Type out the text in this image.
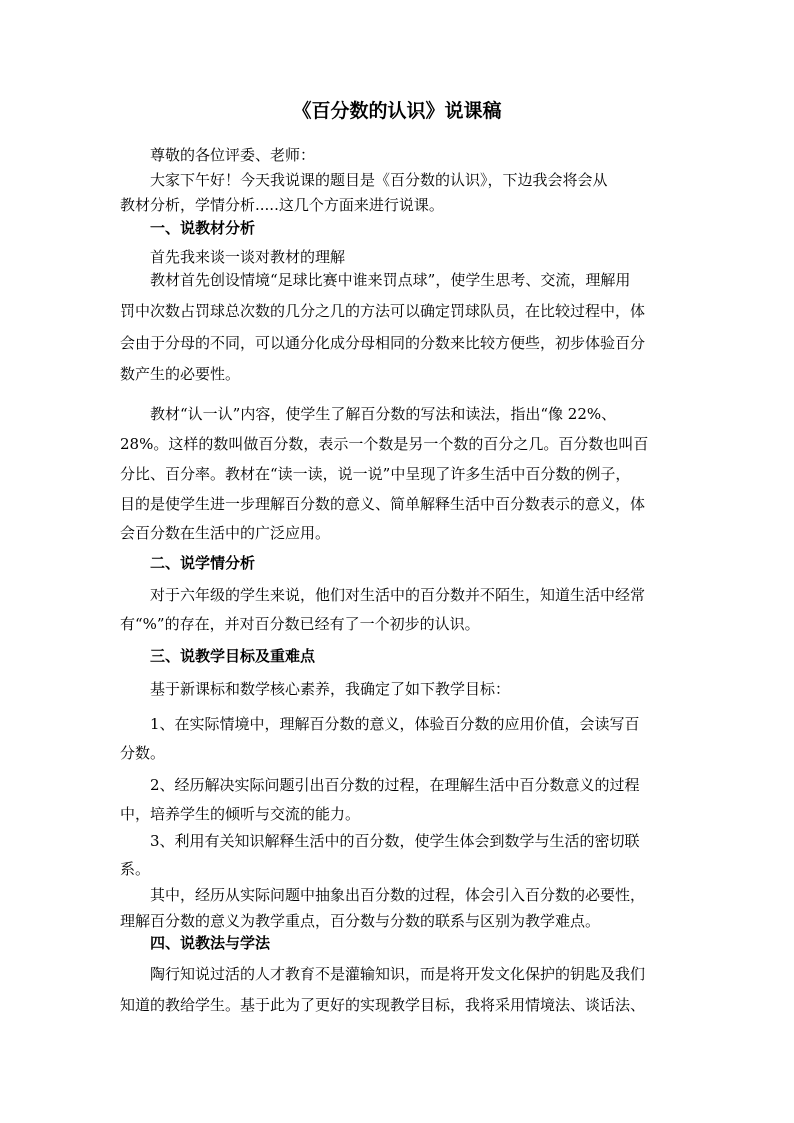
《百分数的认识》说课稿
尊敬的各位评委、老师：
大家下午好！今天我说课的题目是《百分数的认识》，下边我会将会从
教材分析，学情分析.....这几个方面来进行说课。
一、说教材分析
首先我来谈一谈对教材的理解
教材首先创设情境“足球比赛中谁来罚点球”，使学生思考、交流，理解用
罚中次数占罚球总次数的几分之几的方法可以确定罚球队员，在比较过程中，体
会由于分母的不同，可以通分化成分母相同的分数来比较方便些，初步体验百分
数产生的必要性。
教材“认一认”内容，使学生了解百分数的写法和读法，指出“像 22%、
28%。这样的数叫做百分数，表示一个数是另一个数的百分之几。百分数也叫百
分比、百分率。教材在“读一读，说一说”中呈现了许多生活中百分数的例子，
目的是使学生进一步理解百分数的意义、简单解释生活中百分数表示的意义，体
会百分数在生活中的广泛应用。
二、说学情分析
对于六年级的学生来说，他们对生活中的百分数并不陌生，知道生活中经常
有“%”的存在，并对百分数已经有了一个初步的认识。
三、说教学目标及重难点
基于新课标和数学核心素养，我确定了如下教学目标：
1、在实际情境中，理解百分数的意义，体验百分数的应用价值，会读写百
分数。
2、经历解决实际问题引出百分数的过程，在理解生活中百分数意义的过程
中，培养学生的倾听与交流的能力。
3、利用有关知识解释生活中的百分数，使学生体会到数学与生活的密切联
系。
其中，经历从实际问题中抽象出百分数的过程，体会引入百分数的必要性，
理解百分数的意义为教学重点，百分数与分数的联系与区别为教学难点。
四、说教法与学法
陶行知说过活的人才教育不是灌输知识，而是将开发文化保护的钥匙及我们
知道的教给学生。基于此为了更好的实现教学目标，我将采用情境法、谈话法、
